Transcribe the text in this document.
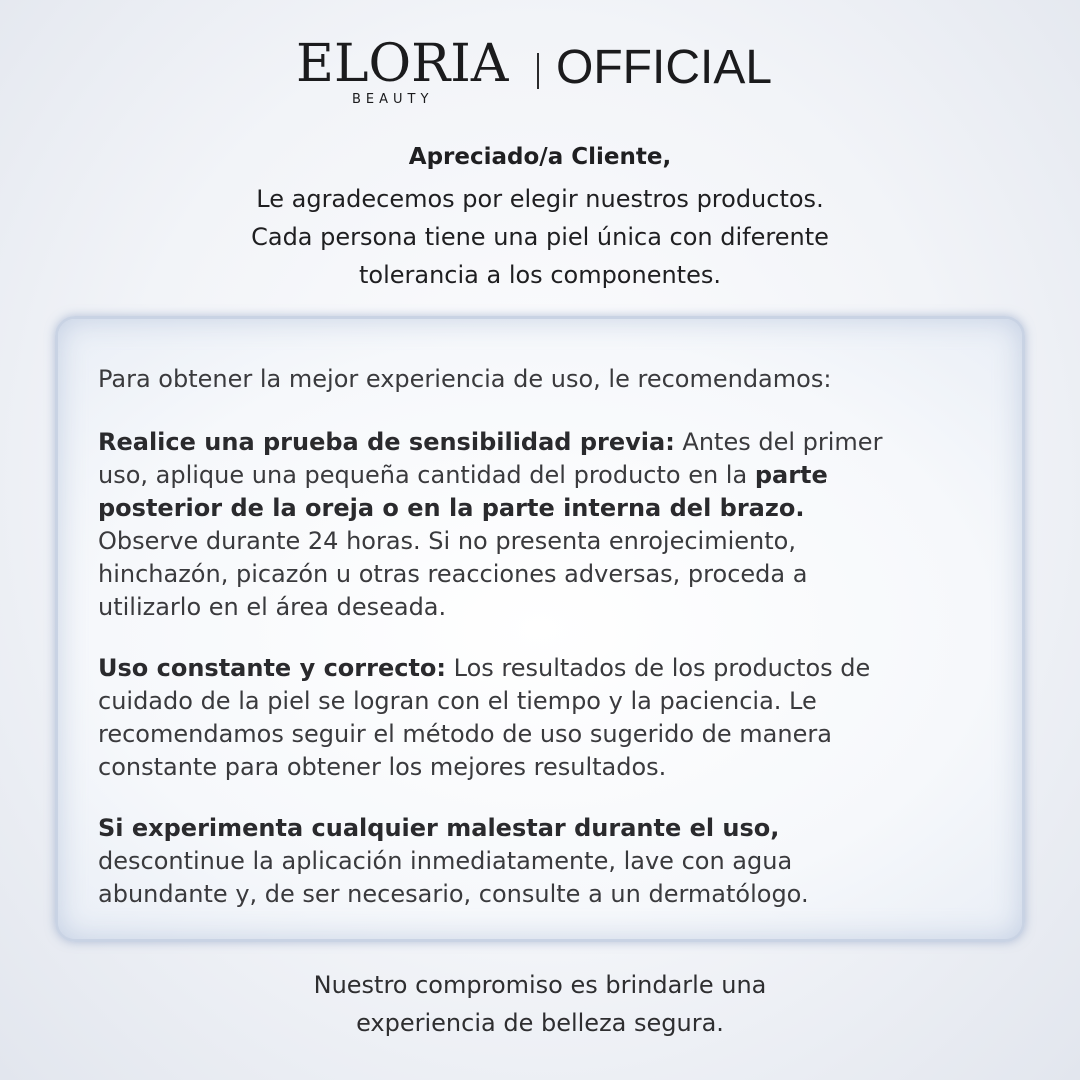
ELORIA
BEAUTY
OFFICIAL
Apreciado/a Cliente,
Le agradecemos por elegir nuestros productos.
Cada persona tiene una piel única con diferente
tolerancia a los componentes.
Para obtener la mejor experiencia de uso, le recomendamos:
Realice una prueba de sensibilidad previa: Antes del primer
uso, aplique una pequeña cantidad del producto en la parte
posterior de la oreja o en la parte interna del brazo.
Observe durante 24 horas. Si no presenta enrojecimiento,
hinchazón, picazón u otras reacciones adversas, proceda a
utilizarlo en el área deseada.
Uso constante y correcto: Los resultados de los productos de
cuidado de la piel se logran con el tiempo y la paciencia. Le
recomendamos seguir el método de uso sugerido de manera
constante para obtener los mejores resultados.
Si experimenta cualquier malestar durante el uso,
descontinue la aplicación inmediatamente, lave con agua
abundante y, de ser necesario, consulte a un dermatólogo.
Nuestro compromiso es brindarle una
experiencia de belleza segura.
